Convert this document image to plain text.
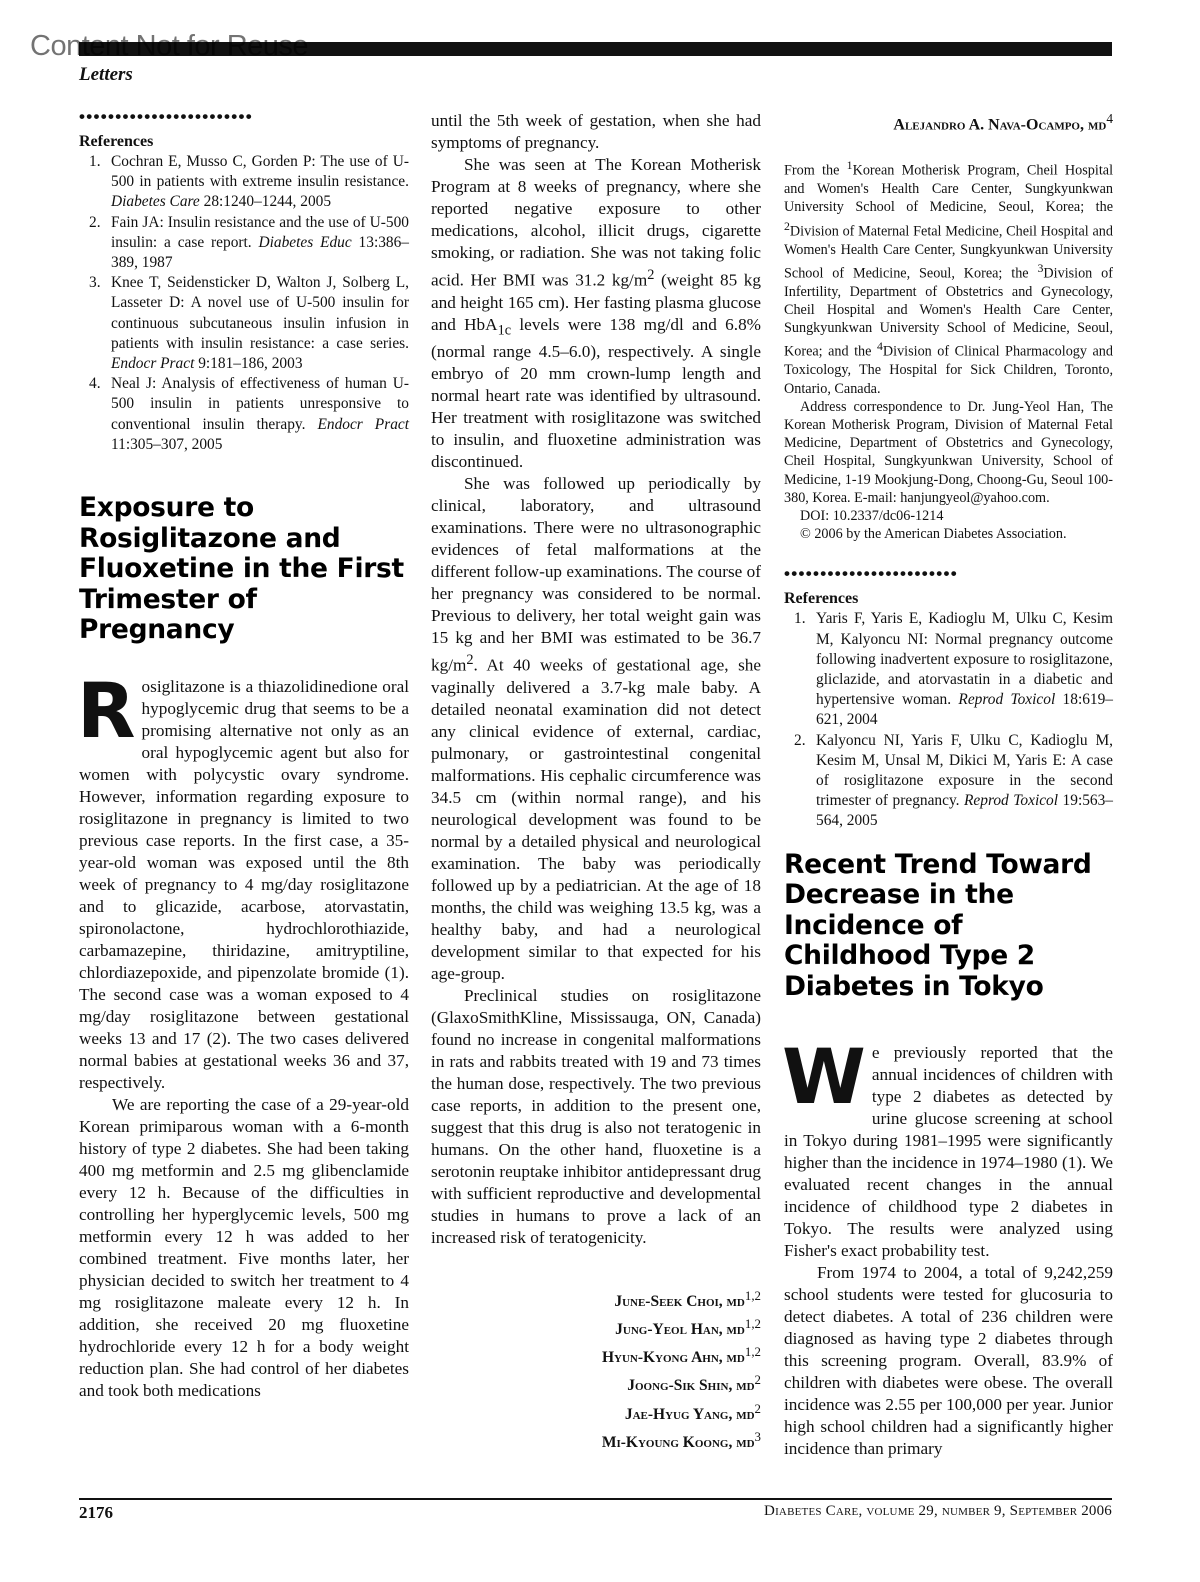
Content Not for Reuse
Letters
••••••••••••••••••••••••
References
1. Cochran E, Musso C, Gorden P: The use of U-500 in patients with extreme insulin resistance. Diabetes Care 28:1240–1244, 2005
2. Fain JA: Insulin resistance and the use of U-500 insulin: a case report. Diabetes Educ 13:386–389, 1987
3. Knee T, Seidensticker D, Walton J, Solberg L, Lasseter D: A novel use of U-500 insulin for continuous subcutaneous insulin infusion in patients with insulin resistance: a case series. Endocr Pract 9:181–186, 2003
4. Neal J: Analysis of effectiveness of human U-500 insulin in patients unresponsive to conventional insulin therapy. Endocr Pract 11:305–307, 2005
Exposure to Rosiglitazone and Fluoxetine in the First Trimester of Pregnancy

Rosiglitazone is a thiazolidinedione oral hypoglycemic drug that seems to be a promising alternative not only as an oral hypoglycemic agent but also for women with polycystic ovary syndrome. However, information regarding exposure to rosiglitazone in pregnancy is limited to two previous case reports. In the first case, a 35-year-old woman was exposed until the 8th week of pregnancy to 4 mg/day rosiglitazone and to glicazide, acarbose, atorvastatin, spironolactone, hydrochlorothiazide, carbamazepine, thiridazine, amitryptiline, chlordiazepoxide, and pipenzolate bromide (1). The second case was a woman exposed to 4 mg/day rosiglitazone between gestational weeks 13 and 17 (2). The two cases delivered normal babies at gestational weeks 36 and 37, respectively.

We are reporting the case of a 29-year-old Korean primiparous woman with a 6-month history of type 2 diabetes. She had been taking 400 mg metformin and 2.5 mg glibenclamide every 12 h. Because of the difficulties in controlling her hyperglycemic levels, 500 mg metformin every 12 h was added to her combined treatment. Five months later, her physician decided to switch her treatment to 4 mg rosiglitazone maleate every 12 h. In addition, she received 20 mg fluoxetine hydrochloride every 12 h for a body weight reduction plan. She had control of her diabetes and took both medications

until the 5th week of gestation, when she had symptoms of pregnancy.

She was seen at The Korean Motherisk Program at 8 weeks of pregnancy, where she reported negative exposure to other medications, alcohol, illicit drugs, cigarette smoking, or radiation. She was not taking folic acid. Her BMI was 31.2 $kg/m^2$ (weight 85 kg and height 165 cm). Her fasting plasma glucose and HbA$_{1c}$ levels were 138 mg/dl and 6.8% (normal range 4.5–6.0), respectively. A single embryo of 20 mm crown-lump length and normal heart rate was identified by ultrasound. Her treatment with rosiglitazone was switched to insulin, and fluoxetine administration was discontinued.

She was followed up periodically by clinical, laboratory, and ultrasound examinations. There were no ultrasonographic evidences of fetal malformations at the different follow-up examinations. The course of her pregnancy was considered to be normal. Previous to delivery, her total weight gain was 15 kg and her BMI was estimated to be 36.7 $kg/m^2$. At 40 weeks of gestational age, she vaginally delivered a 3.7-kg male baby. A detailed neonatal examination did not detect any clinical evidence of external, cardiac, pulmonary, or gastrointestinal congenital malformations. His cephalic circumference was 34.5 cm (within normal range), and his neurological development was found to be normal by a detailed physical and neurological examination. The baby was periodically followed up by a pediatrician. At the age of 18 months, the child was weighing 13.5 kg, was a healthy baby, and had a neurological development similar to that expected for his age-group.

Preclinical studies on rosiglitazone (GlaxoSmithKline, Mississauga, ON, Canada) found no increase in congenital malformations in rats and rabbits treated with 19 and 73 times the human dose, respectively. The two previous case reports, in addition to the present one, suggest that this drug is also not teratogenic in humans. On the other hand, fluoxetine is a serotonin reuptake inhibitor antidepressant drug with sufficient reproductive and developmental studies in humans to prove a lack of an increased risk of teratogenicity.

June-Seek Choi, md$^{1,2}$
Jung-Yeol Han, md$^{1,2}$
Hyun-Kyong Ahn, md$^{1,2}$
Joong-Sik Shin, $md^2$
Jae-Hyug Yang, $md^2$
Mi-Kyoung Koong, $md^3$

Alejandro A. Nava-Ocampo, $md^4$

From the $^1$Korean Motherisk Program, Cheil Hospital and Women's Health Care Center, Sungkyunkwan University School of Medicine, Seoul, Korea; the $^2$Division of Maternal Fetal Medicine, Cheil Hospital and Women's Health Care Center, Sungkyunkwan University School of Medicine, Seoul, Korea; the $^3$Division of Infertility, Department of Obstetrics and Gynecology, Cheil Hospital and Women's Health Care Center, Sungkyunkwan University School of Medicine, Seoul, Korea; and the $^4$Division of Clinical Pharmacology and Toxicology, The Hospital for Sick Children, Toronto, Ontario, Canada.

Address correspondence to Dr. Jung-Yeol Han, The Korean Motherisk Program, Division of Maternal Fetal Medicine, Department of Obstetrics and Gynecology, Cheil Hospital, Sungkyunkwan University, School of Medicine, 1-19 Mookjung-Dong, Choong-Gu, Seoul 100-380, Korea. E-mail: hanjungyeol@yahoo.com.

DOI: 10.2337/dc06-1214

© 2006 by the American Diabetes Association.

••••••••••••••••••••••••
References
1. Yaris F, Yaris E, Kadioglu M, Ulku C, Kesim M, Kalyoncu NI: Normal pregnancy outcome following inadvertent exposure to rosiglitazone, gliclazide, and atorvastatin in a diabetic and hypertensive woman. Reprod Toxicol 18:619–621, 2004
2. Kalyoncu NI, Yaris F, Ulku C, Kadioglu M, Kesim M, Unsal M, Dikici M, Yaris E: A case of rosiglitazone exposure in the second trimester of pregnancy. Reprod Toxicol 19:563–564, 2005
Recent Trend Toward Decrease in the Incidence of Childhood Type 2 Diabetes in Tokyo

We previously reported that the annual incidences of children with type 2 diabetes as detected by urine glucose screening at school in Tokyo during 1981–1995 were significantly higher than the incidence in 1974–1980 (1). We evaluated recent changes in the annual incidence of childhood type 2 diabetes in Tokyo. The results were analyzed using Fisher's exact probability test.

From 1974 to 2004, a total of 9,242,259 school students were tested for glucosuria to detect diabetes. A total of 236 children were diagnosed as having type 2 diabetes through this screening program. Overall, 83.9% of children with diabetes were obese. The overall incidence was 2.55 per 100,000 per year. Junior high school children had a significantly higher incidence than primary

2176	Diabetes Care, volume 29, number 9, September 2006
